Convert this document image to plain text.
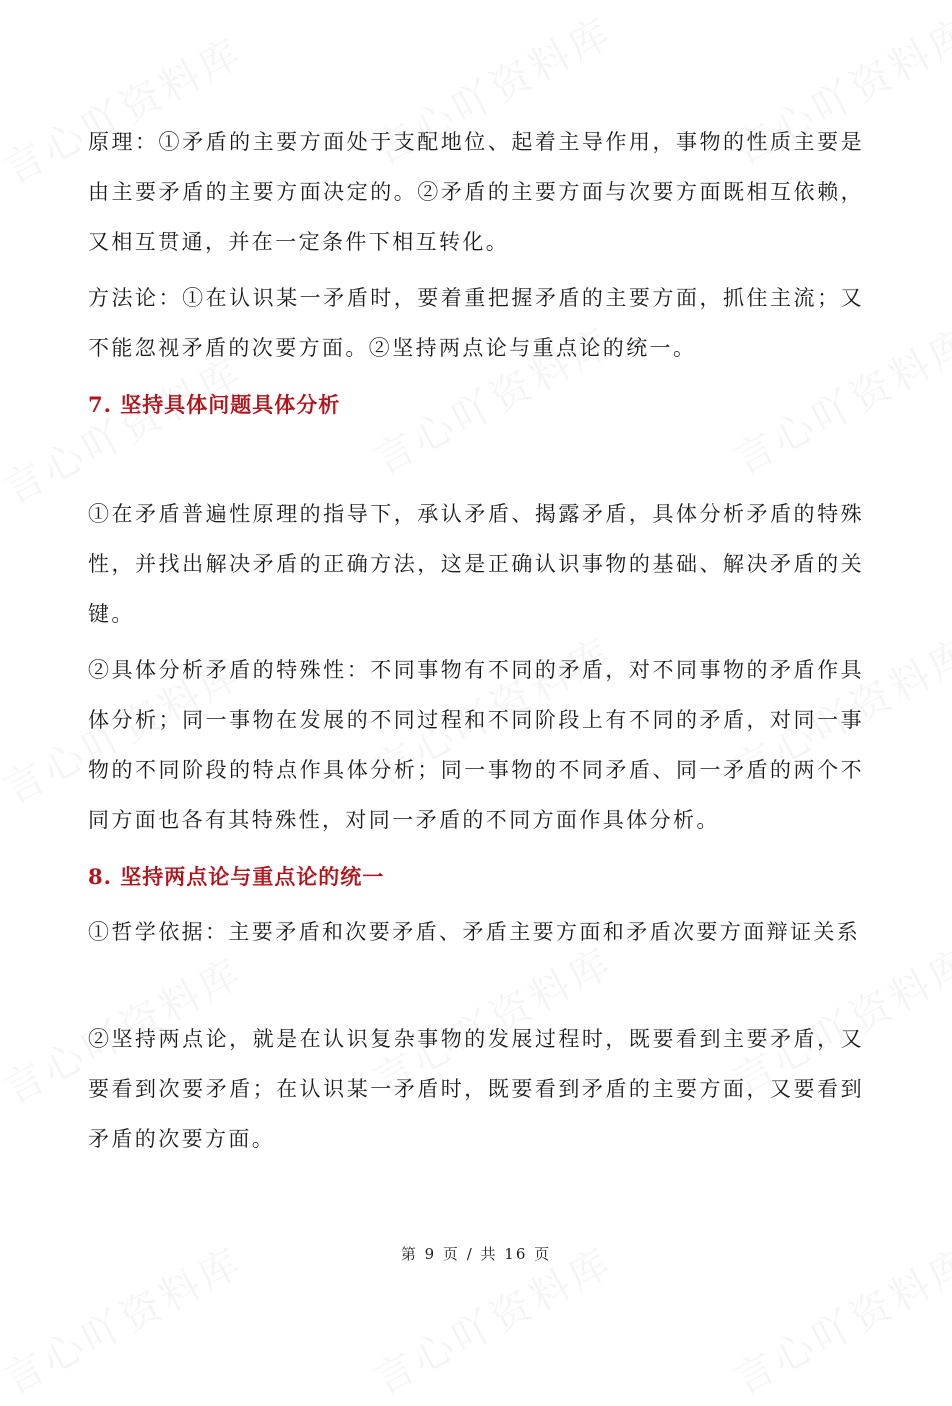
原理：①矛盾的主要方面处于支配地位、起着主导作用，事物的性质主要是由主要矛盾的主要方面决定的。②矛盾的主要方面与次要方面既相互依赖，又相互贯通，并在一定条件下相互转化。

方法论：①在认识某一矛盾时，要着重把握矛盾的主要方面，抓住主流；又不能忽视矛盾的次要方面。②坚持两点论与重点论的统一。

7. 坚持具体问题具体分析

①在矛盾普遍性原理的指导下，承认矛盾、揭露矛盾，具体分析矛盾的特殊性，并找出解决矛盾的正确方法，这是正确认识事物的基础、解决矛盾的关键。

②具体分析矛盾的特殊性：不同事物有不同的矛盾，对不同事物的矛盾作具体分析；同一事物在发展的不同过程和不同阶段上有不同的矛盾，对同一事物的不同阶段的特点作具体分析；同一事物的不同矛盾、同一矛盾的两个不同方面也各有其特殊性，对同一矛盾的不同方面作具体分析。

8. 坚持两点论与重点论的统一

①哲学依据：主要矛盾和次要矛盾、矛盾主要方面和矛盾次要方面辩证关系

②坚持两点论，就是在认识复杂事物的发展过程时，既要看到主要矛盾，又要看到次要矛盾；在认识某一矛盾时，既要看到矛盾的主要方面，又要看到矛盾的次要方面。

第 9 页 / 共 16 页
